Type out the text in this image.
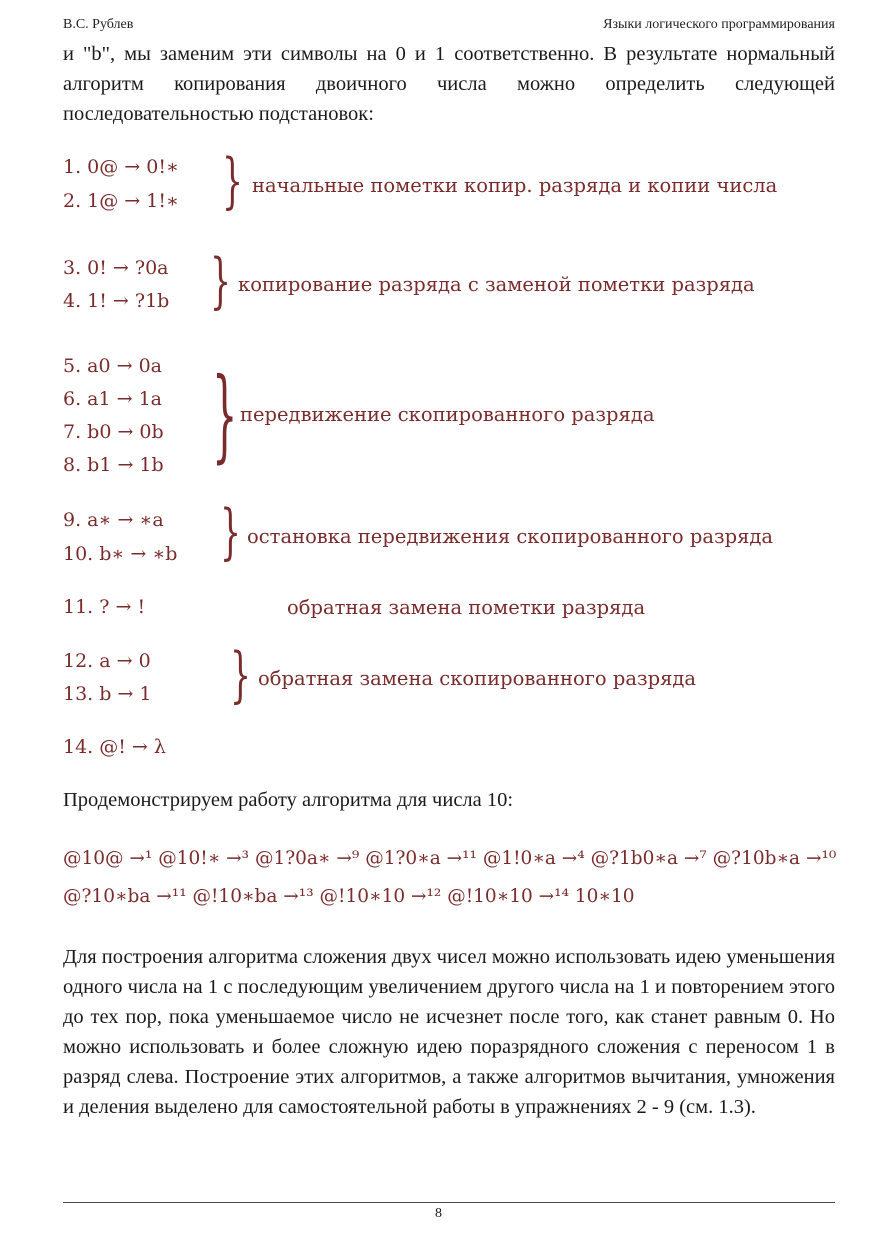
В.С. Рублев	Языки логического программирования

и "b", мы заменим эти символы на 0 и 1 соответственно. В результате нормальный алгоритм копирования двоичного числа можно определить следующей последовательностью подстановок:

1. 0@ → 0!∗
2. 1@ → 1!∗ } начальные пометки копир. разряда и копии числа
3. 0! → ?0a
4. 1! → ?1b } копирование разряда с заменой пометки разряда
5. a0 → 0a
6. a1 → 1a
7. b0 → 0b
8. b1 → 1b } передвижение скопированного разряда
9. a∗ → ∗a
10. b∗ → ∗b } остановка передвижения скопированного разряда
11. ? → !	обратная замена пометки разряда
12. a → 0
13. b → 1 } обратная замена скопированного разряда
14. @! → λ
Продемонстрируем работу алгоритма для числа 10:
@10@ →¹ @10!∗ →³ @1?0a∗ →⁹ @1?0∗a →¹¹ @1!0∗a →⁴ @?1b0∗a →⁷ @?10b∗a →¹⁰
@?10∗ba →¹¹ @!10∗ba →¹³ @!10∗10 →¹² @!10∗10 →¹⁴ 10∗10

Для построения алгоритма сложения двух чисел можно использовать идею уменьшения одного числа на 1 с последующим увеличением другого числа на 1 и повторением этого до тех пор, пока уменьшаемое число не исчезнет после того, как станет равным 0. Но можно использовать и более сложную идею поразрядного сложения с переносом 1 в разряд слева. Построение этих алгоритмов, а также алгоритмов вычитания, умножения и деления выделено для самостоятельной работы в упражнениях 2 - 9 (см. 1.3).

8
